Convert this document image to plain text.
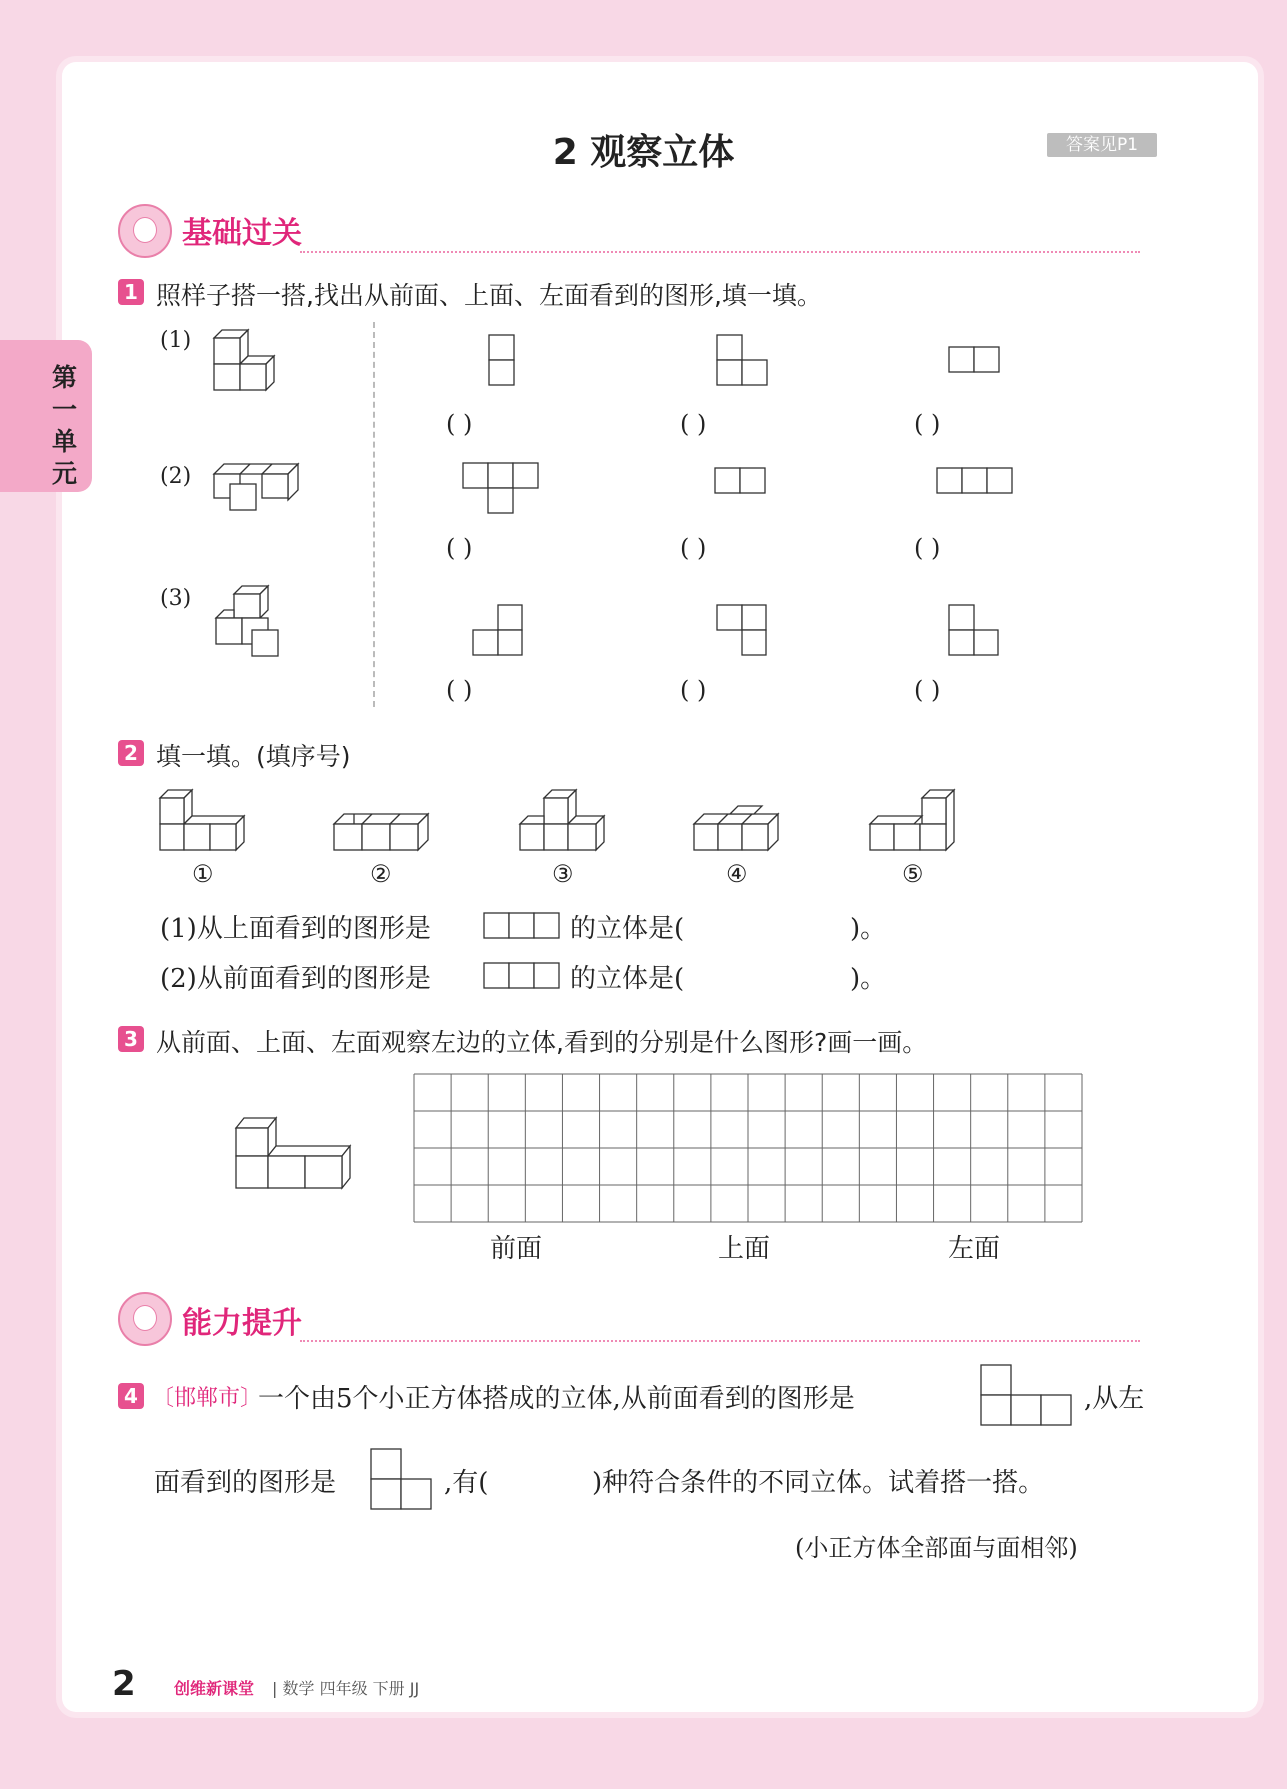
2 观察立体	答案见P1
第一单元
基础过关
1 照样子搭一搭,找出从前面、上面、左面看到的图形,填一填。
(1)
(2)
(3)
( )	( )	( )
( )	( )	( )
( )	( )	( )
2 填一填。(填序号)
①	②	③	④	⑤
(1)从上面看到的图形是	的立体是(	)。
(2)从前面看到的图形是	的立体是(	)。
3 从前面、上面、左面观察左边的立体,看到的分别是什么图形?画一画。
前面	上面	左面
能力提升
4 〔邯郸市〕
一个由5个小正方体搭成的立体,从前面看到的图形是	,从左
面看到的图形是	,有(	)种符合条件的不同立体。试着搭一搭。
(小正方体全部面与面相邻)
2 创维新课堂 | 数学 四年级 下册 JJ
